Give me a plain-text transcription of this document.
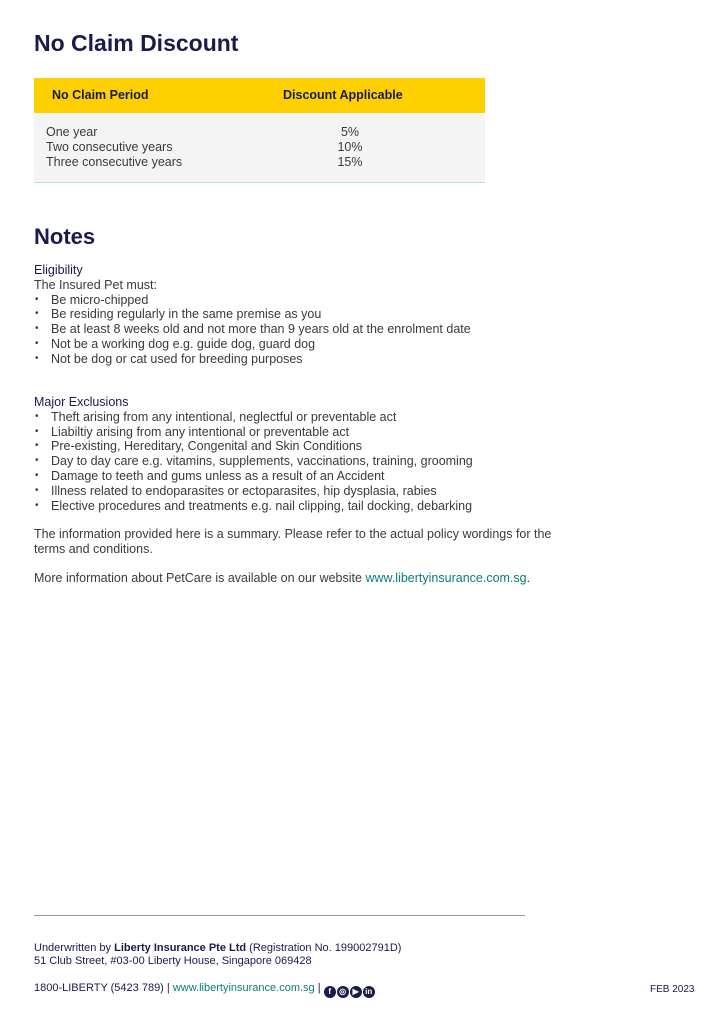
No Claim Discount
No Claim Period	Discount Applicable
One year	5%
Two consecutive years	10%
Three consecutive years	15%
Notes
Eligibility
The Insured Pet must:
• Be micro-chipped
• Be residing regularly in the same premise as you
• Be at least 8 weeks old and not more than 9 years old at the enrolment date
• Not be a working dog e.g. guide dog, guard dog
• Not be dog or cat used for breeding purposes
Major Exclusions
• Theft arising from any intentional, neglectful or preventable act
• Liabiltiy arising from any intentional or preventable act
• Pre-existing, Hereditary, Congenital and Skin Conditions
• Day to day care e.g. vitamins, supplements, vaccinations, training, grooming
• Damage to teeth and gums unless as a result of an Accident
• Illness related to endoparasites or ectoparasites, hip dysplasia, rabies
• Elective procedures and treatments e.g. nail clipping, tail docking, debarking
The information provided here is a summary. Please refer to the actual policy wordings for the terms and conditions.
More information about PetCare is available on our website www.libertyinsurance.com.sg.
Underwritten by Liberty Insurance Pte Ltd (Registration No. 199002791D)
51 Club Street, #03-00 Liberty House, Singapore 069428
1800-LIBERTY (5423 789) | www.libertyinsurance.com.sg | f ◎ ▶ in	FEB 2023
